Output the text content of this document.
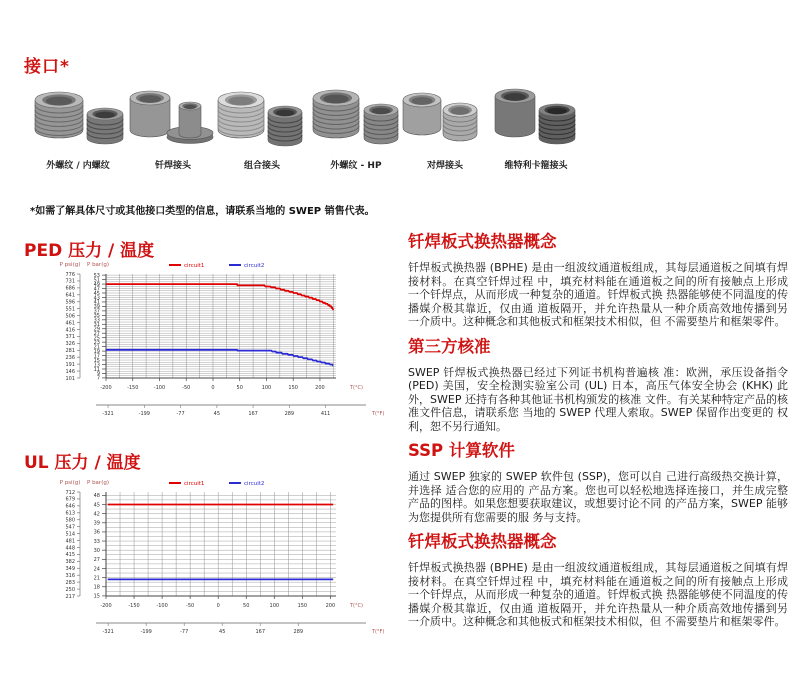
接口*
外螺纹 / 内螺纹	钎焊接头	组合接头	外螺纹 - HP	对焊接头	维特利卡箍接头

*如需了解具体尺寸或其他接口类型的信息，请联系当地的 SWEP 销售代表。

PED 压力 / 温度
776
731
686
641
596
551
506
461
416
371
326
281
236
191
146
101
53
51
49
47
45
43
41
39
37
35
33
31
29
27
25
23
21
19
17
15
13
11
9
7
P psi(g) P bar(g)	circuit1	circuit2
-200	-150	-100	-50	0	50	100	150	200	T(°C)
-321	-199	-77	45	167	289	411	T(°F)
UL 压力 / 温度
712
679
646
613
580
547
514
481
448
415
382
349
316
283
250
217
48
45
42
39
36
33
30
27
24
21
18
15
P psi(g) P bar(g)	circuit1	circuit2
-200	-150	-100	-50	0	50	100	150	200	T(°C)
-321	-199	-77	45	167	289	T(°F)
钎焊板式换热器概念

钎焊板式换热器 (BPHE) 是由一组波纹通道板组成，其每层通道板之间填有焊接材料。在真空钎焊过程 中，填充材料能在通道板之间的所有接触点上形成 一个钎焊点，从而形成一种复杂的通道。钎焊板式换 热器能够使不同温度的传播媒介极其靠近，仅由通 道板隔开，并允许热量从一种介质高效地传播到另 一介质中。这种概念和其他板式和框架技术相似，但 不需要垫片和框架零件。

第三方核准

SWEP 钎焊板式换热器已经过下列证书机构普遍核 准：欧洲，承压设备指令 (PED) 美国，安全检测实验室公司 (UL) 日本，高压气体安全协会 (KHK) 此外，SWEP 还持有各种其他证书机构颁发的核准 文件。有关某种特定产品的核准文件信息，请联系您 当地的 SWEP 代理人索取。SWEP 保留作出变更的 权利，恕不另行通知。

SSP 计算软件

通过 SWEP 独家的 SWEP 软件包 (SSP)，您可以自 己进行高级热交换计算，并选择 适合您的应用的 产品方案。您也可以轻松地选择连接口，并生成完整 产品的图样。如果您想要获取建议，或想要讨论不同 的产品方案，SWEP 能够为您提供所有您需要的服 务与支持。

钎焊板式换热器概念

钎焊板式换热器 (BPHE) 是由一组波纹通道板组成，其每层通道板之间填有焊接材料。在真空钎焊过程 中，填充材料能在通道板之间的所有接触点上形成 一个钎焊点，从而形成一种复杂的通道。钎焊板式换 热器能够使不同温度的传播媒介极其靠近，仅由通 道板隔开，并允许热量从一种介质高效地传播到另 一介质中。这种概念和其他板式和框架技术相似，但 不需要垫片和框架零件。
